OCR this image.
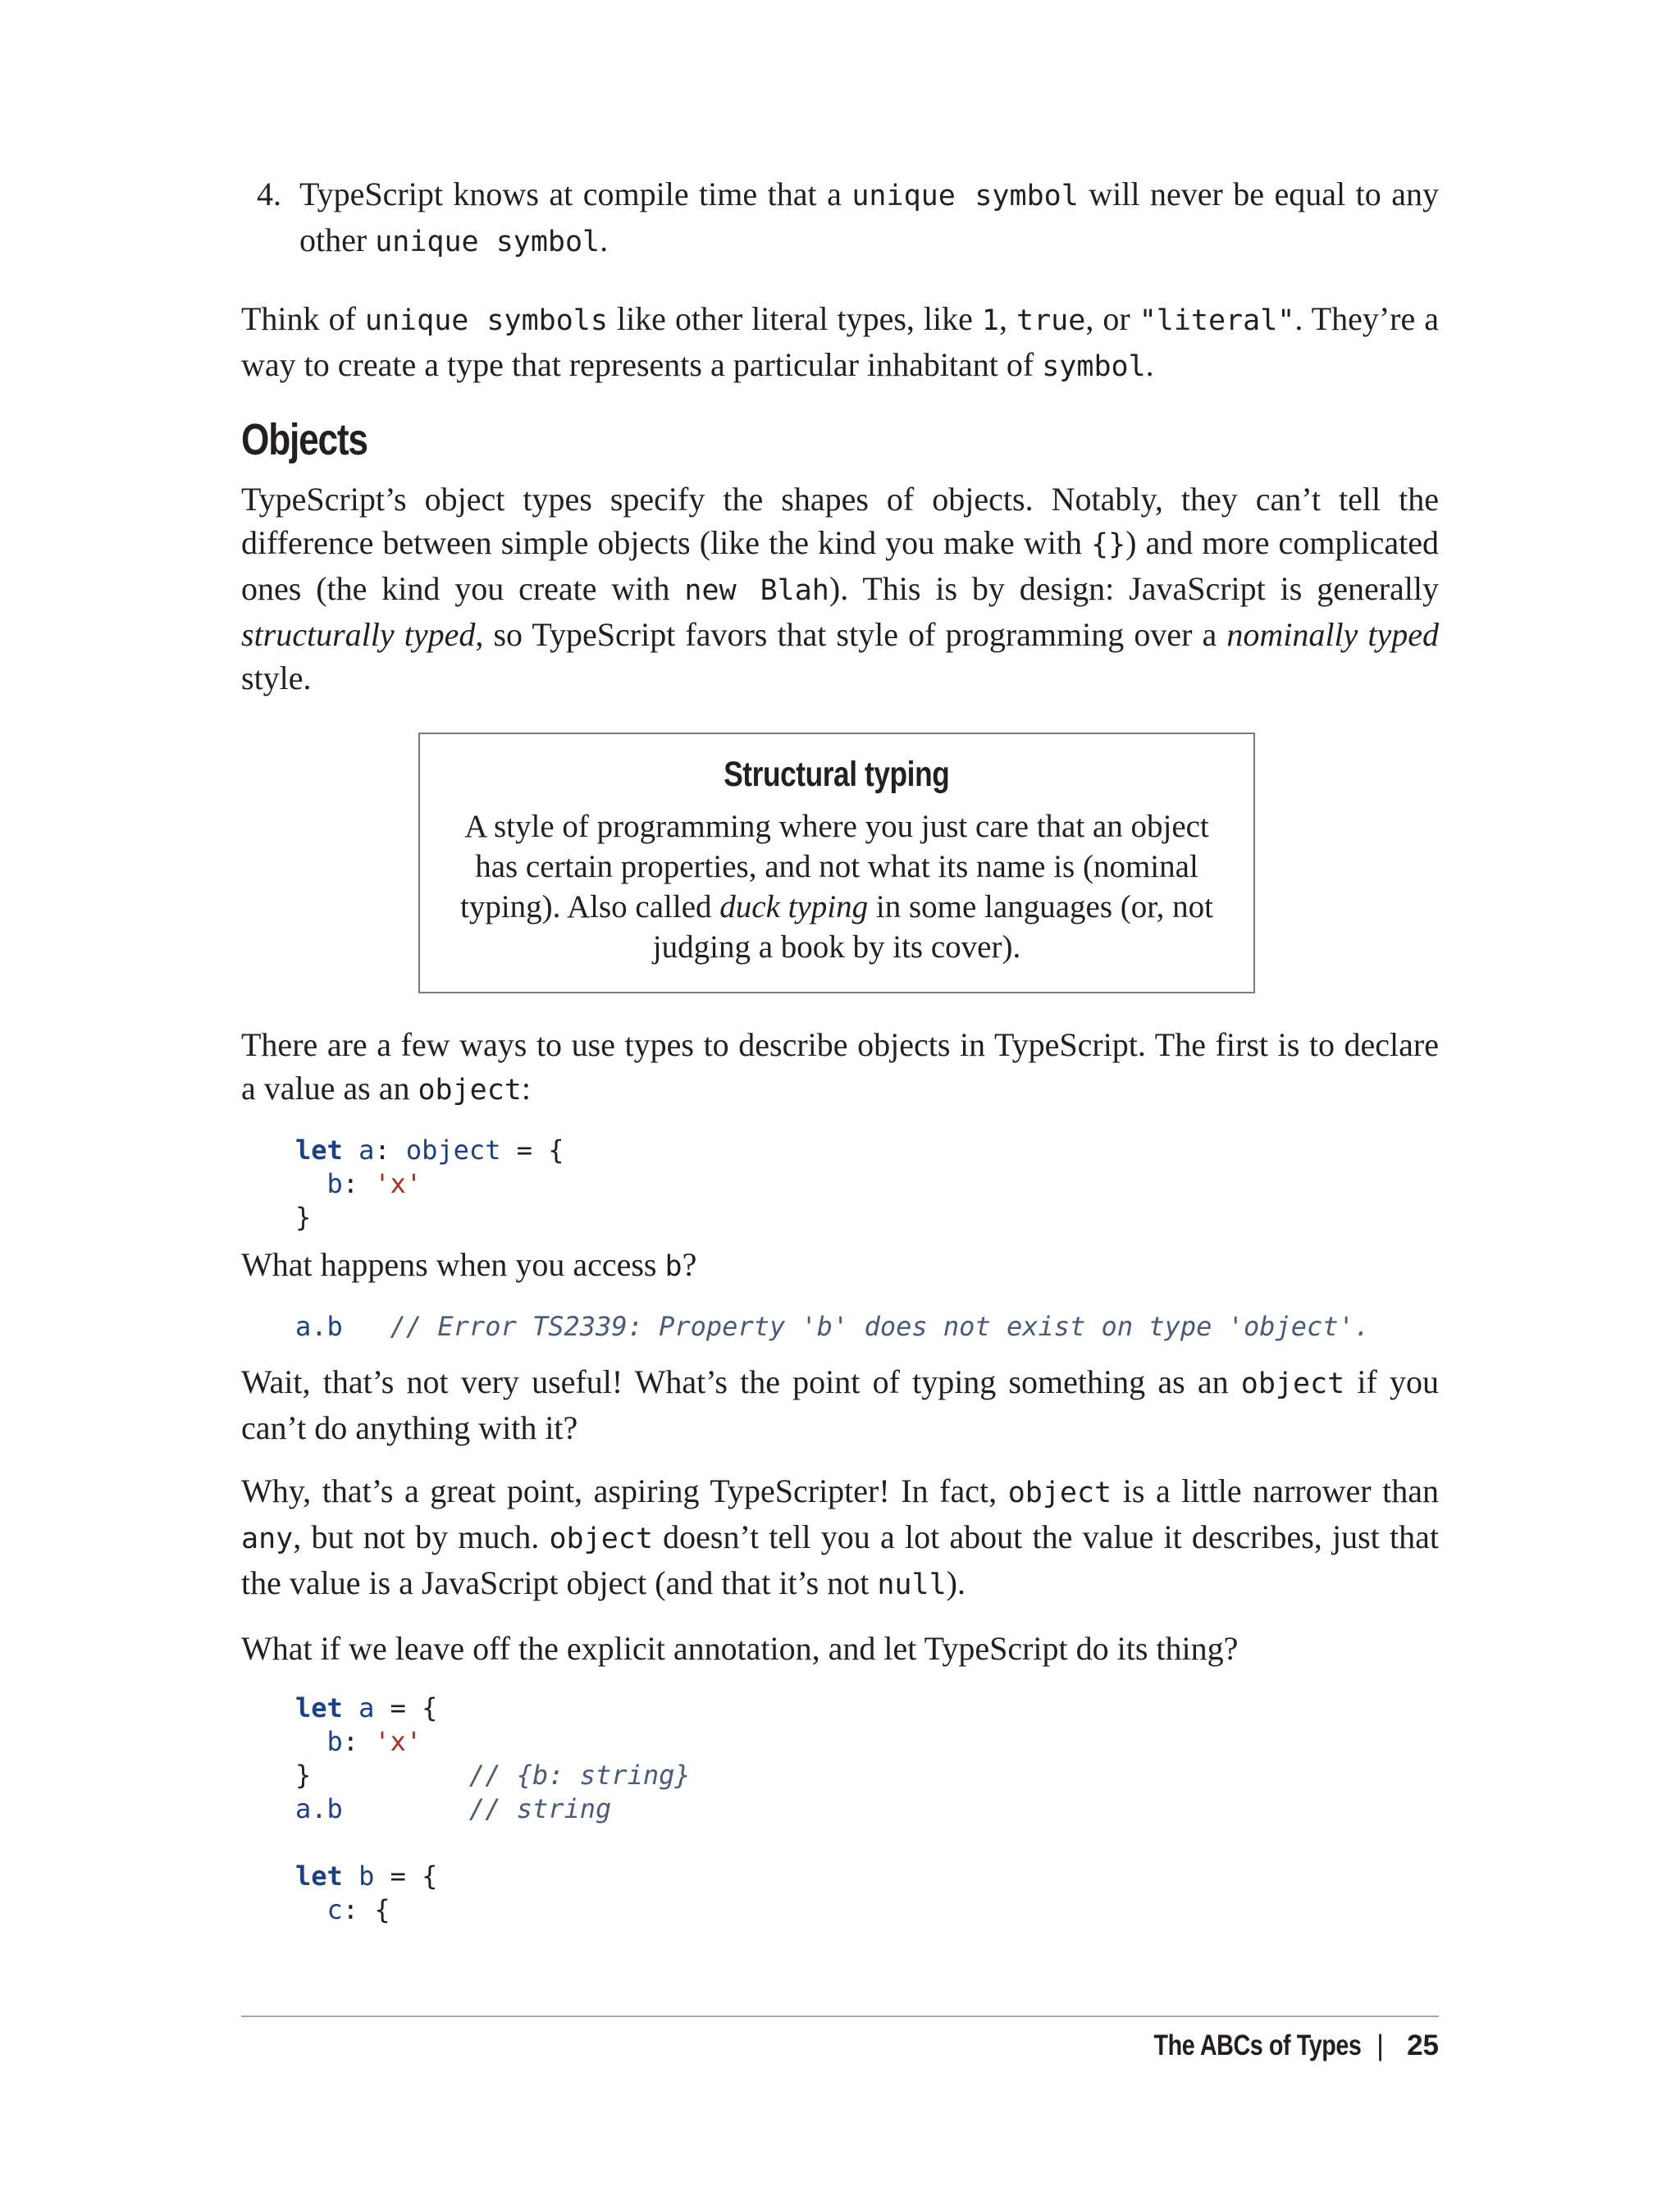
4. TypeScript knows at compile time that a unique symbol will never be equal to any other unique symbol.

Think of unique symbols like other literal types, like 1, true, or "literal". They’re a way to create a type that represents a particular inhabitant of symbol.

Objects

TypeScript’s object types specify the shapes of objects. Notably, they can’t tell the difference between simple objects (like the kind you make with {}) and more complicated ones (the kind you create with new Blah). This is by design: JavaScript is generally structurally typed, so TypeScript favors that style of programming over a nominally typed style.

Structural typing
A style of programming where you just care that an object has certain properties, and not what its name is (nominal typing). Also called duck typing in some languages (or, not judging a book by its cover).

There are a few ways to use types to describe objects in TypeScript. The first is to declare a value as an object:

let a: object = {
b: 'x'
}

What happens when you access b?

a.b // Error TS2339: Property 'b' does not exist on type 'object'.

Wait, that’s not very useful! What’s the point of typing something as an object if you can’t do anything with it?

Why, that’s a great point, aspiring TypeScripter! In fact, object is a little narrower than any, but not by much. object doesn’t tell you a lot about the value it describes, just that the value is a JavaScript object (and that it’s not null).

What if we leave off the explicit annotation, and let TypeScript do its thing?

let a = {
b: 'x'
}	// {b: string}
a.b	// string

let b = {
c: {
The ABCs of Types | 25
